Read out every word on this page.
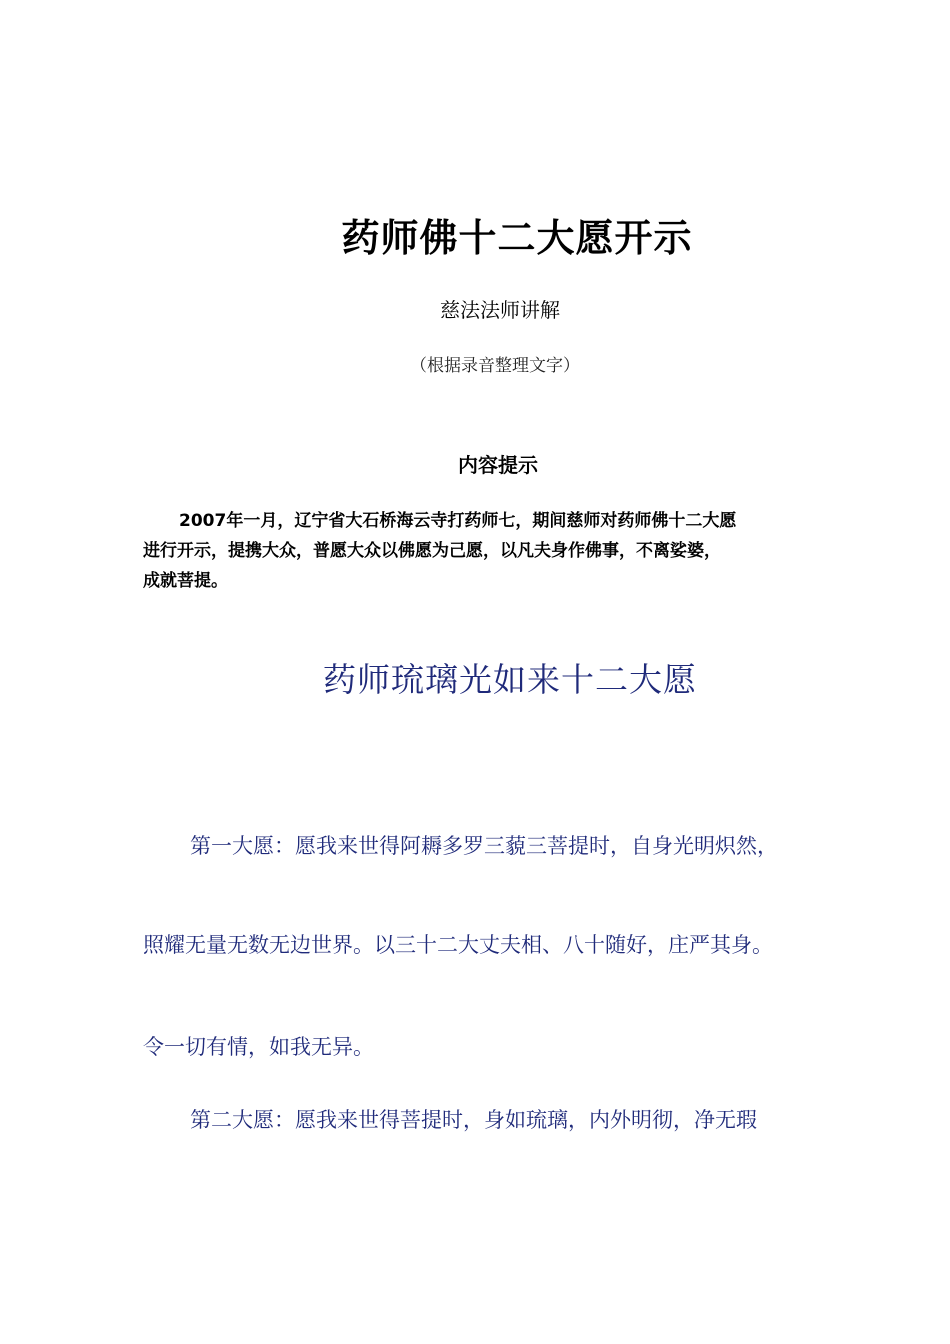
药师佛十二大愿开示
慈法法师讲解
（根据录音整理文字）
内容提示
2007年一月，辽宁省大石桥海云寺打药师七，期间慈师对药师佛十二大愿
进行开示，提携大众，普愿大众以佛愿为己愿，以凡夫身作佛事，不离娑婆，
成就菩提。
药师琉璃光如来十二大愿
第一大愿：愿我来世得阿耨多罗三藐三菩提时，自身光明炽然，
照耀无量无数无边世界。以三十二大丈夫相、八十随好，庄严其身。
令一切有情，如我无异。
第二大愿：愿我来世得菩提时，身如琉璃，内外明彻，净无瑕
